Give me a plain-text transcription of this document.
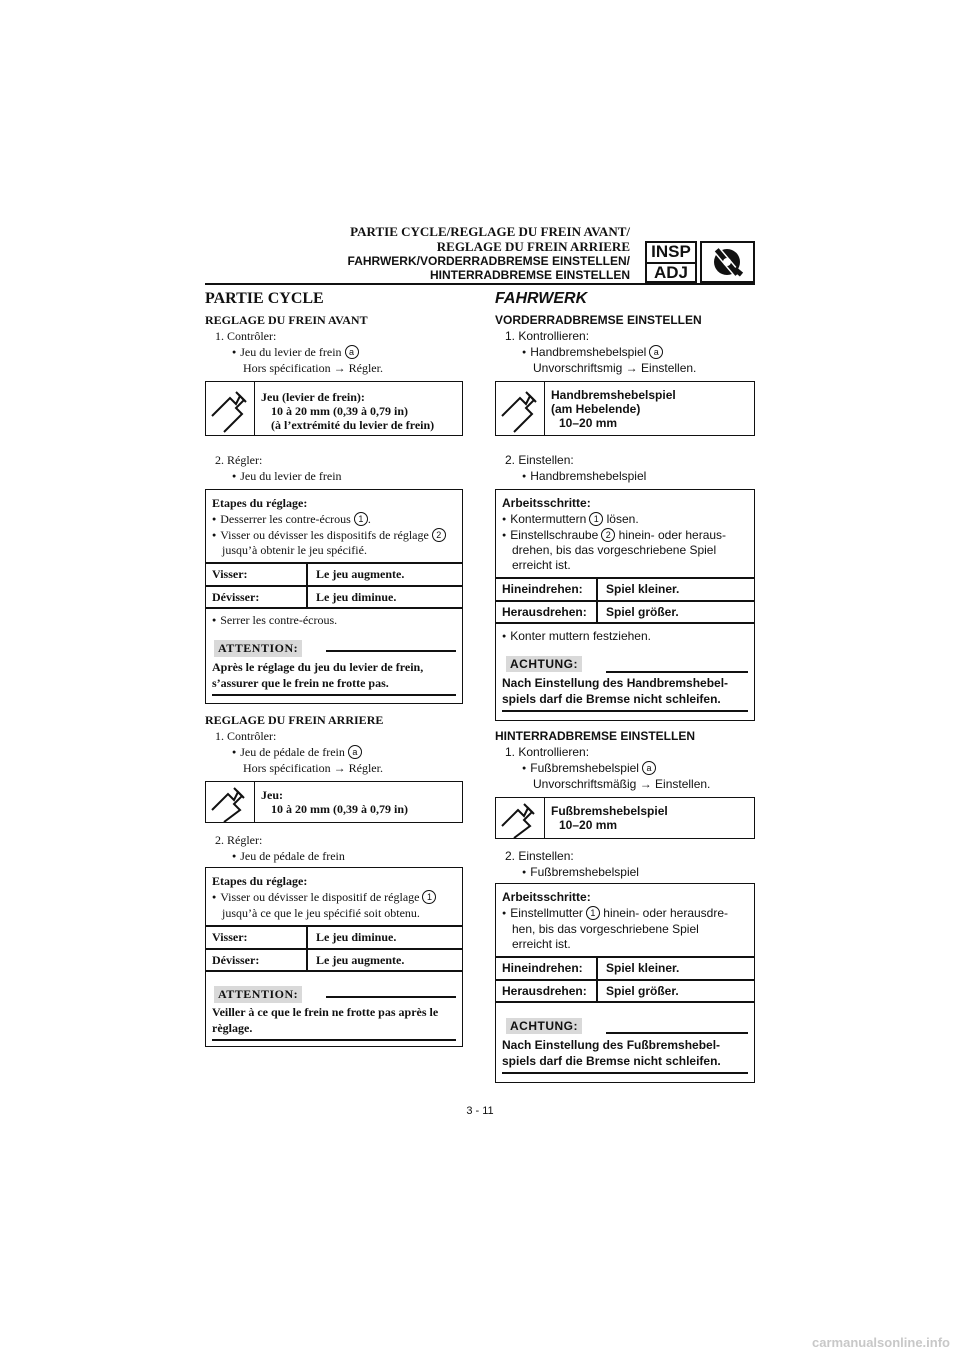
PARTIE CYCLE/REGLAGE DU FREIN AVANT/
REGLAGE DU FREIN ARRIERE
FAHRWERK/VORDERRADBREMSE EINSTELLEN/
HINTERRADBREMSE EINSTELLEN
INSP
ADJ
PARTIE CYCLE
REGLAGE DU FREIN AVANT
1. Contrôler:
● Jeu du levier de frein a
Hors spécification → Régler.
Jeu (levier de frein):
10 à 20 mm (0,39 à 0,79 in)
(à l’extrémité du levier de frein)
2. Régler:
● Jeu du levier de frein
Etapes du réglage:
● Desserrer les contre-écrous 1 .
● Visser ou dévisser les dispositifs de réglage 2
jusqu’à obtenir le jeu spécifié.
Visser:	Le jeu augmente.
Dévisser:	Le jeu diminue.
● Serrer les contre-écrous.
ATTENTION:
Après le réglage du jeu du levier de frein,
s’assurer que le frein ne frotte pas.
REGLAGE DU FREIN ARRIERE
1. Contrôler:
● Jeu de pédale de frein a
Hors spécification → Régler.
Jeu:
10 à 20 mm (0,39 à 0,79 in)
2. Régler:
● Jeu de pédale de frein
Etapes du réglage:
● Visser ou dévisser le dispositif de réglage 1
jusqu’à ce que le jeu spécifié soit obtenu.
Visser:	Le jeu diminue.
Dévisser:	Le jeu augmente.
ATTENTION:
Veiller à ce que le frein ne frotte pas après le
règlage.
FAHRWERK
VORDERRADBREMSE EINSTELLEN
1. Kontrollieren:
● Handbremshebelspiel a
Unvorschriftsmig → Einstellen.
Handbremshebelspiel
(am Hebelende)
10–20 mm
2. Einstellen:
● Handbremshebelspiel
Arbeitsschritte:
● Kontermuttern 1 lösen.
● Einstellschraube 2 hinein- oder heraus-
drehen, bis das vorgeschriebene Spiel
erreicht ist.
Hineindrehen: Spiel kleiner.
Herausdrehen: Spiel größer.
● Konter muttern festziehen.
ACHTUNG:
Nach Einstellung des Handbremshebel-
spiels darf die Bremse nicht schleifen.
HINTERRADBREMSE EINSTELLEN
1. Kontrollieren:
● Fußbremshebelspiel a
Unvorschriftsmäßig → Einstellen.
Fußbremshebelspiel
10–20 mm
2. Einstellen:
● Fußbremshebelspiel
Arbeitsschritte:
● Einstellmutter 1 hinein- oder herausdre-
hen, bis das vorgeschriebene Spiel
erreicht ist.
Hineindrehen: Spiel kleiner.
Herausdrehen: Spiel größer.
ACHTUNG:
Nach Einstellung des Fußbremshebel-
spiels darf die Bremse nicht schleifen.
3 - 11
carmanualsonline.info
